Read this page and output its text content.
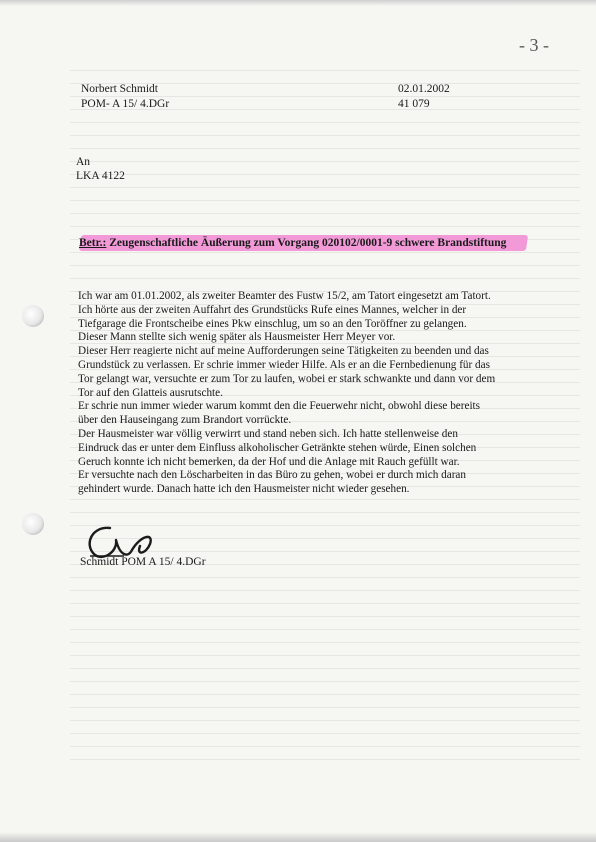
- 3 -
Norbert Schmidt
POM- A 15/ 4.DGr
02.01.2002
41 079
An
LKA 4122
Betr.: Zeugenschaftliche Äußerung zum Vorgang 020102/0001-9 schwere Brandstiftung
Ich war am 01.01.2002, als zweiter Beamter des Fustw 15/2, am Tatort eingesetzt am Tatort.
Ich hörte aus der zweiten Auffahrt des Grundstücks Rufe eines Mannes, welcher in der
Tiefgarage die Frontscheibe eines Pkw einschlug, um so an den Toröffner zu gelangen.
Dieser Mann stellte sich wenig später als Hausmeister Herr Meyer vor.
Dieser Herr reagierte nicht auf meine Aufforderungen seine Tätigkeiten zu beenden und das
Grundstück zu verlassen. Er schrie immer wieder Hilfe. Als er an die Fernbedienung für das
Tor gelangt war, versuchte er zum Tor zu laufen, wobei er stark schwankte und dann vor dem
Tor auf den Glatteis ausrutschte.
Er schrie nun immer wieder warum kommt den die Feuerwehr nicht, obwohl diese bereits
über den Hauseingang zum Brandort vorrückte.
Der Hausmeister war völlig verwirrt und stand neben sich. Ich hatte stellenweise den
Eindruck das er unter dem Einfluss alkoholischer Getränkte stehen würde, Einen solchen
Geruch konnte ich nicht bemerken, da der Hof und die Anlage mit Rauch gefüllt war.
Er versuchte nach den Löscharbeiten in das Büro zu gehen, wobei er durch mich daran
gehindert wurde. Danach hatte ich den Hausmeister nicht wieder gesehen.
Schmidt POM A 15/ 4.DGr
